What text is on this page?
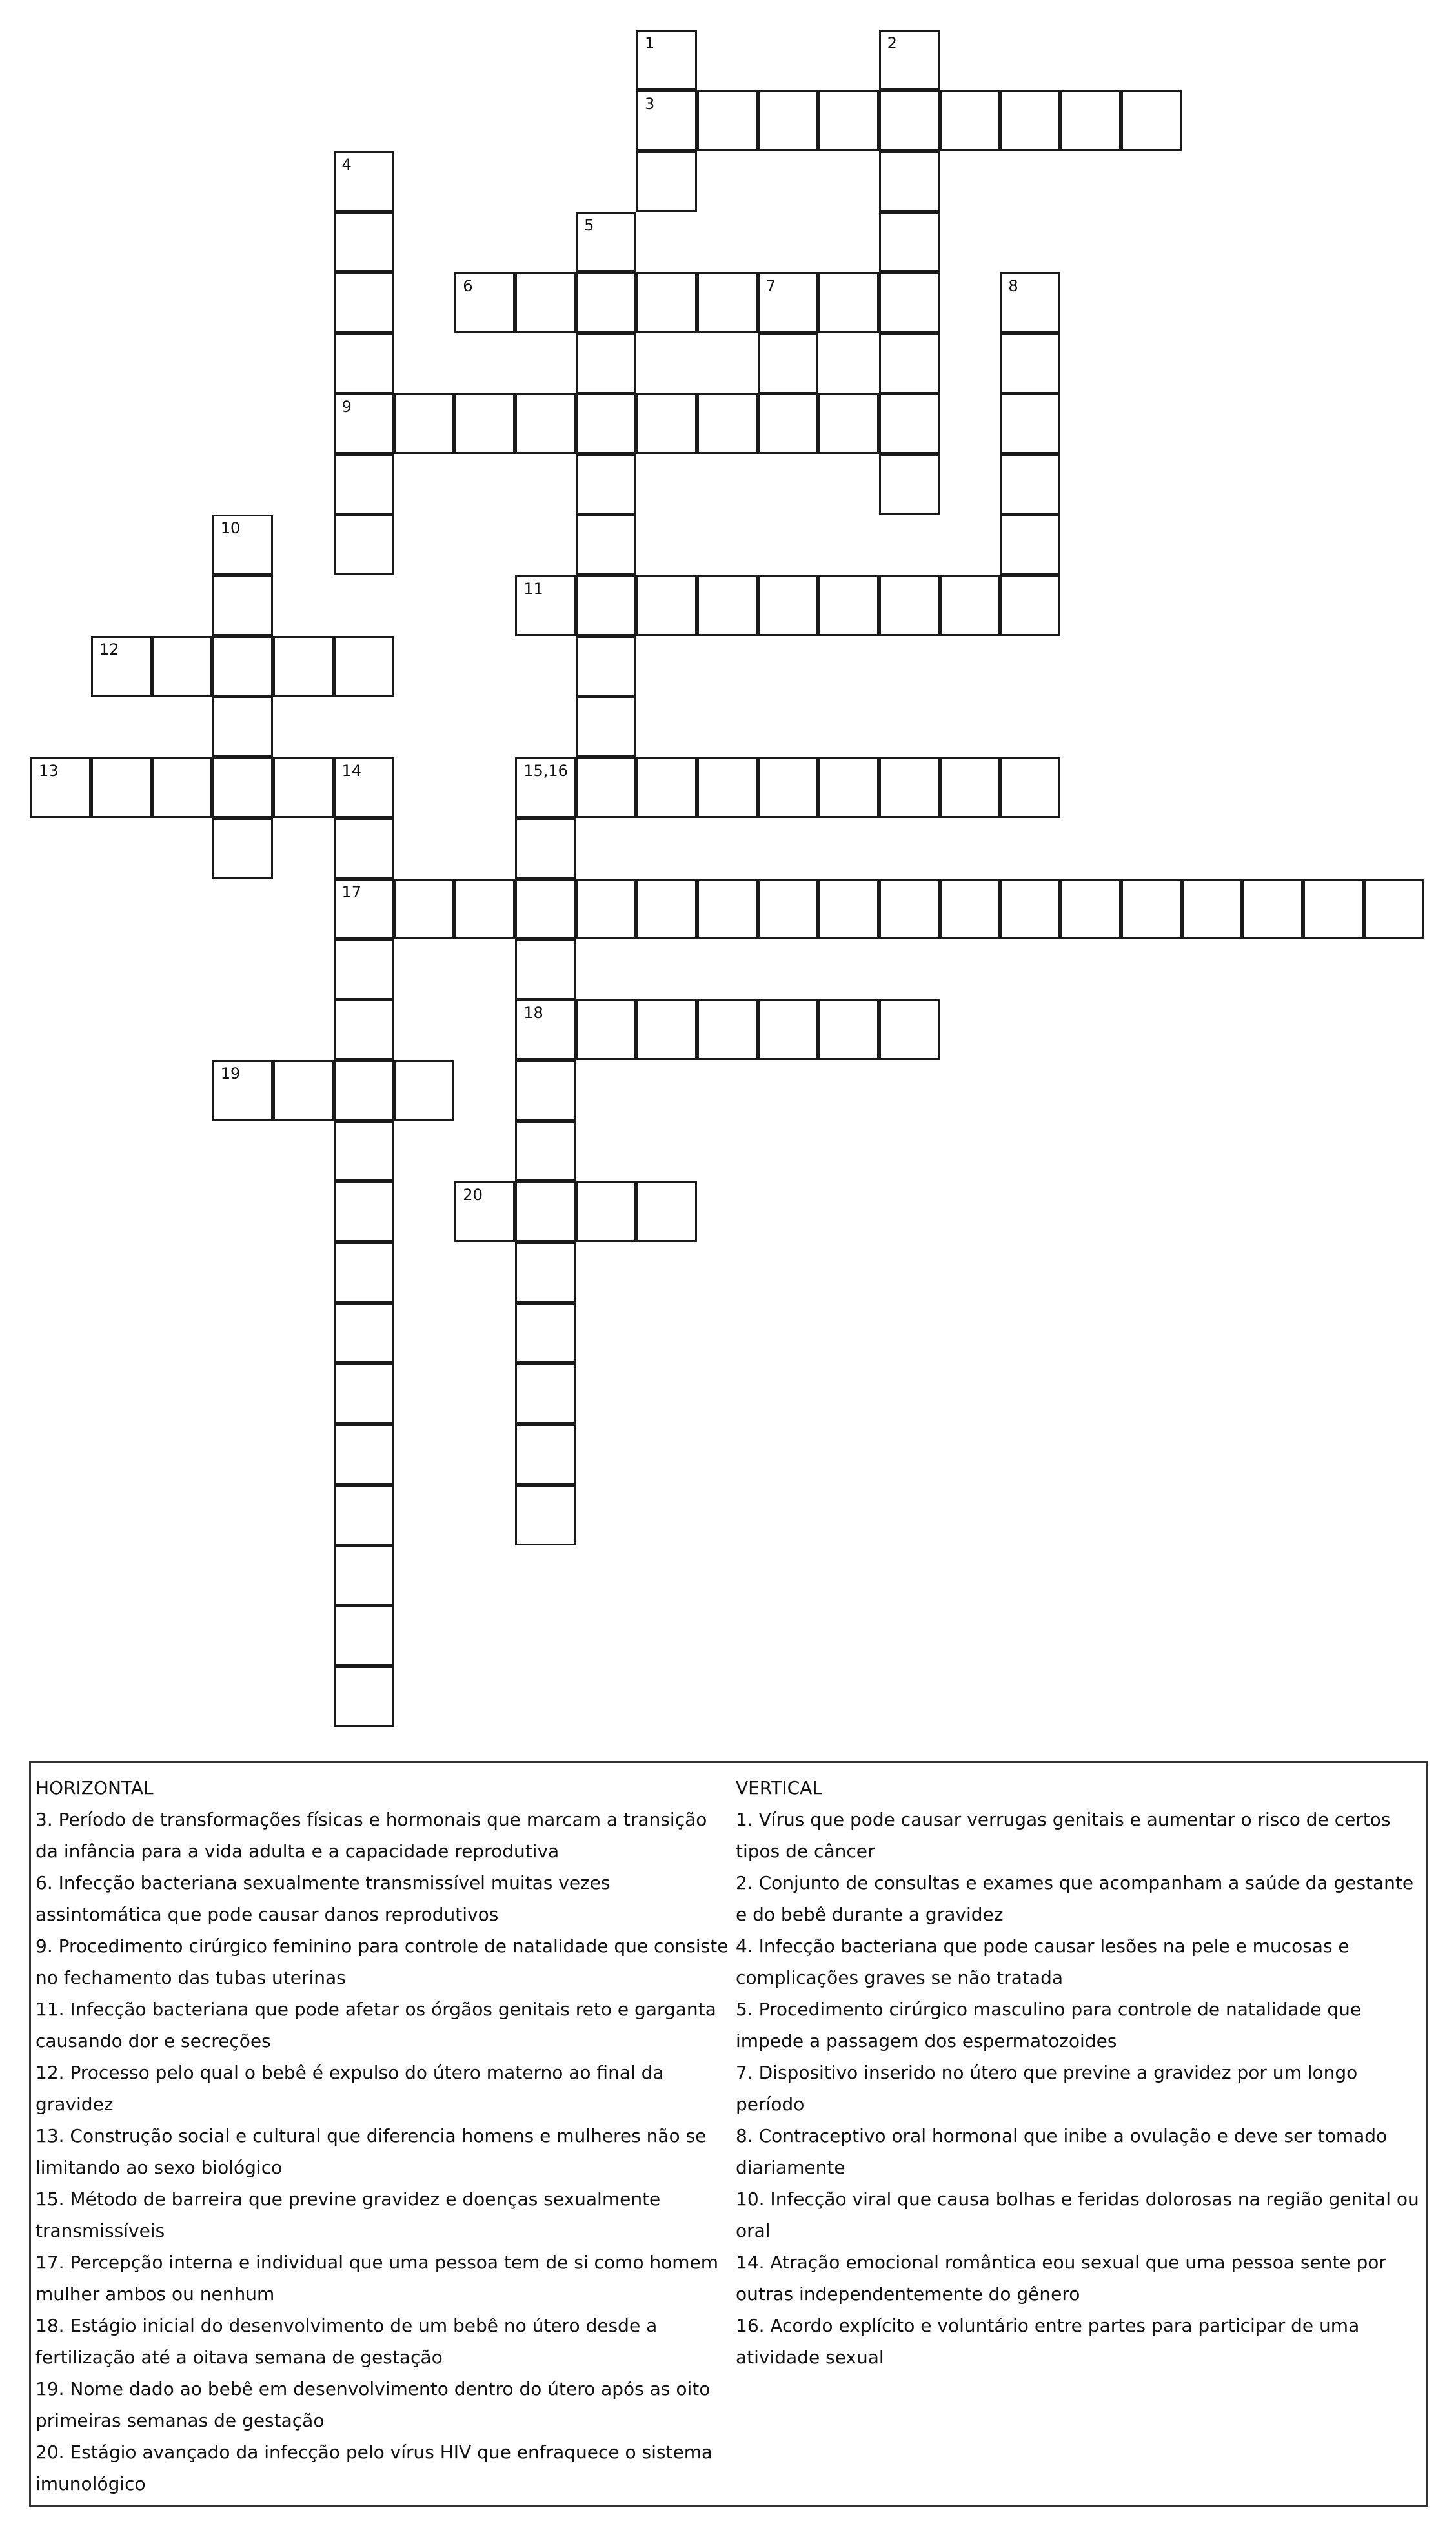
1
3
2
4
9
5
6	7	8
10
11
12
13	14
17
15,16
18
19
20
HORIZONTAL
3. Período de transformações físicas e hormonais que marcam a transição da infância para a vida adulta e a capacidade reprodutiva
6. Infecção bacteriana sexualmente transmissível muitas vezes assintomática que pode causar danos reprodutivos
9. Procedimento cirúrgico feminino para controle de natalidade que consiste no fechamento das tubas uterinas
11. Infecção bacteriana que pode afetar os órgãos genitais reto e garganta causando dor e secreções
12. Processo pelo qual o bebê é expulso do útero materno ao final da gravidez
13. Construção social e cultural que diferencia homens e mulheres não se limitando ao sexo biológico
15. Método de barreira que previne gravidez e doenças sexualmente transmissíveis
17. Percepção interna e individual que uma pessoa tem de si como homem mulher ambos ou nenhum
18. Estágio inicial do desenvolvimento de um bebê no útero desde a fertilização até a oitava semana de gestação
19. Nome dado ao bebê em desenvolvimento dentro do útero após as oito primeiras semanas de gestação
20. Estágio avançado da infecção pelo vírus HIV que enfraquece o sistema imunológico
VERTICAL
1. Vírus que pode causar verrugas genitais e aumentar o risco de certos tipos de câncer
2. Conjunto de consultas e exames que acompanham a saúde da gestante e do bebê durante a gravidez
4. Infecção bacteriana que pode causar lesões na pele e mucosas e complicações graves se não tratada
5. Procedimento cirúrgico masculino para controle de natalidade que impede a passagem dos espermatozoides
7. Dispositivo inserido no útero que previne a gravidez por um longo período
8. Contraceptivo oral hormonal que inibe a ovulação e deve ser tomado diariamente
10. Infecção viral que causa bolhas e feridas dolorosas na região genital ou oral
14. Atração emocional romântica eou sexual que uma pessoa sente por outras independentemente do gênero
16. Acordo explícito e voluntário entre partes para participar de uma atividade sexual
